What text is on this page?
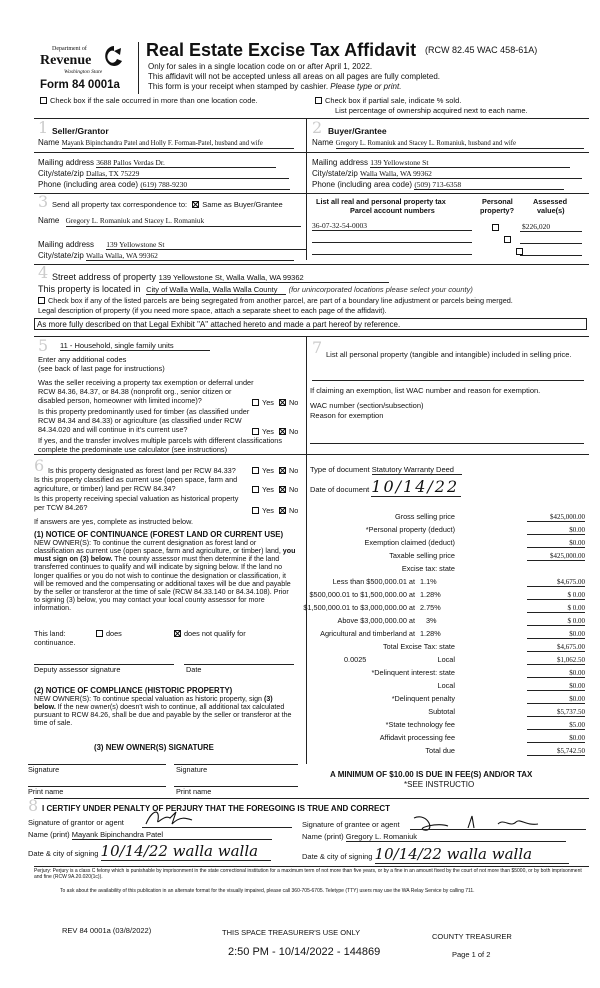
Department of
Revenue
Washington State
Form 84 0001a
Real Estate Excise Tax Affidavit (RCW 82.45 WAC 458-61A)
Only for sales in a single location code on or after April 1, 2022.
This affidavit will not be accepted unless all areas on all pages are fully completed.
This form is your receipt when stamped by cashier. Please type or print.
Check box if the sale occurred in more than one location code.	Check box if partial sale, indicate % sold.
List percentage of ownership acquired next to each name.
1 Seller/Grantor
Name Mayank Bipinchandra Patel and Holly F. Forman-Patel, husband and wife
Mailing address 3688 Pallos Verdas Dr.
City/state/zip Dallas, TX 75229
Phone (including area code) (619) 788-9230
2 Buyer/Grantee
Name Gregory L. Romaniuk and Stacey L. Romaniuk, husband and wife
Mailing address 139 Yellowstone St
City/state/zip Walla Walla, WA 99362
Phone (including area code) (509) 713-6358
3 Send all property tax correspondence to: Same as Buyer/Grantee
Name Gregory L. Romaniuk and Stacey L. Romaniuk
Mailing address 139 Yellowstone St
City/state/zip Walla Walla, WA 99362
List all real and personal property tax
Parcel account numbers
Personal
property?
Assessed
value(s)
36-07-32-54-0003
	$226,020
4 Street address of property 139 Yellowstone St, Walla Walla, WA 99362
This property is located in City of Walla Walla, Walla Walla County (for unincorporated locations please select your county)
Check box if any of the listed parcels are being segregated from another parcel, are part of a boundary line adjustment or parcels being merged.
Legal description of property (if you need more space, attach a separate sheet to each page of the affidavit).
As more fully described on that Legal Exhibit "A" attached hereto and made a part hereof by reference.
5 11 - Household, single family units
Enter any additional codes
(see back of last page for instructions)
Was the seller receiving a property tax exemption or deferral under RCW 84.36, 84.37, or 84.38 (nonprofit org., senior citizen or disabled person, homeowner with limited income)?	Yes No
Is this property predominantly used for timber (as classified under RCW 84.34 and 84.33) or agriculture (as classified under RCW 84.34.020 and will continue in it's current use?	Yes No
If yes, and the transfer involves multiple parcels with different classifications complete the predominate use calculator (see instructions)
7 List all personal property (tangible and intangible) included in selling price.
If claiming an exemption, list WAC number and reason for exemption.
WAC number (section/subsection)
Reason for exemption
6 Is this property designated as forest land per RCW 84.33?	Yes No
Is this property classified as current use (open space, farm and agriculture, or timber) land per RCW 84.34?	Yes No
Is this property receiving special valuation as historical property per TCW 84.26?	Yes No
If answers are yes, complete as instructed below.
(1) NOTICE OF CONTINUANCE (FOREST LAND OR CURRENT USE)
NEW OWNER(S): To continue the current designation as forest land or classification as current use (open space, farm and agriculture, or timber) land, you must sign on (3) below. The county assessor must then determine if the land transferred continues to qualify and will indicate by signing below. If the land no longer qualifies or you do not wish to continue the designation or classification, it will be removed and the compensating or additional taxes will be due and payable by the seller or transferor at the time of sale (RCW 84.33.140 or 84.34.108). Prior to signing (3) below, you may contact your local county assessor for more information.
This land:
continuance.
does	does not qualify for
Deputy assessor signature	Date
(2) NOTICE OF COMPLIANCE (HISTORIC PROPERTY)
NEW OWNER(S): To continue special valuation as historic property, sign (3) below. If the new owner(s) doesn't wish to continue, all additional tax calculated pursuant to RCW 84.26, shall be due and payable by the seller or transferor at the time of sale.
(3) NEW OWNER(S) SIGNATURE
Signature	Signature
Print name	Print name
Type of document Statutory Warranty Deed
Date of document 10/14/22
Gross selling price	$425,000.00
*Personal property (deduct)	$0.00
Exemption claimed (deduct)	$0.00
Taxable selling price	$425,000.00
Excise tax: state
Less than $500,000.01 at 1.1%	$4,675.00
$500,000.01 to $1,500,000.00 at 1.28%	$ 0.00
$1,500,000.01 to $3,000,000.00 at 2.75%	$ 0.00
Above $3,000,000.00 at 3%	$ 0.00
Agricultural and timberland at 1.28%	$0.00
Total Excise Tax: state	$4,675.00
0.0025	Local	$1,062.50
*Delinquent interest: state	$0.00
Local	$0.00
*Delinquent penalty	$0.00
Subtotal	$5,737.50
*State technology fee	$5.00
Affidavit processing fee	$0.00
Total due	$5,742.50
A MINIMUM OF $10.00 IS DUE IN FEE(S) AND/OR TAX
*SEE INSTRUCTIO
8 I CERTIFY UNDER PENALTY OF PERJURY THAT THE FOREGOING IS TRUE AND CORRECT
Signature of grantor or agent
Name (print) Mayank Bipinchandra Patel
Date & city of signing 10/14/22 walla walla
Signature of grantee or agent
Name (print) Gregory L. Romaniuk
Date & city of signing 10/14/22 walla walla
Perjury: Perjury is a class C felony which is punishable by imprisonment in the state correctional institution for a maximum term of not more than five years, or by a fine in an amount fixed by the court of not more than $5000, or by both imprisonment and fine (RCW 9A.20.020(1c)).
To ask about the availability of this publication in an alternate format for the visually impaired, please call 360-705-6705. Teletype (TTY) users may use the WA Relay Service by calling 711.
REV 84 0001a (03/8/2022)	THIS SPACE TREASURER'S USE ONLY	COUNTY TREASURER
2:50 PM - 10/14/2022 - 144869	Page 1 of 2
